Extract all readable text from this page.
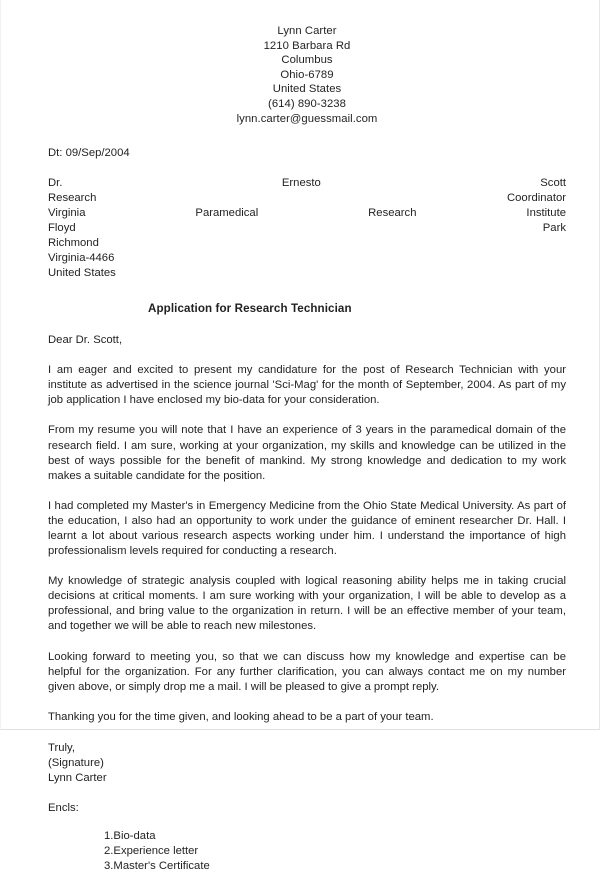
Lynn Carter
1210 Barbara Rd
Columbus
Ohio-6789
United States
(614) 890-3238
lynn.carter@guessmail.com
Dt: 09/Sep/2004
Dr. Ernesto Scott
Research Coordinator
Virginia Paramedical Research Institute
Floyd Park
Richmond
Virginia-4466
United States
Application for Research Technician
Dear Dr. Scott,
I am eager and excited to present my candidature for the post of Research Technician with your institute as advertised in the science journal 'Sci-Mag' for the month of September, 2004. As part of my job application I have enclosed my bio-data for your consideration.
From my resume you will note that I have an experience of 3 years in the paramedical domain of the research field. I am sure, working at your organization, my skills and knowledge can be utilized in the best of ways possible for the benefit of mankind. My strong knowledge and dedication to my work makes a suitable candidate for the position.
I had completed my Master's in Emergency Medicine from the Ohio State Medical University. As part of the education, I also had an opportunity to work under the guidance of eminent researcher Dr. Hall. I learnt a lot about various research aspects working under him. I understand the importance of high professionalism levels required for conducting a research.
My knowledge of strategic analysis coupled with logical reasoning ability helps me in taking crucial decisions at critical moments. I am sure working with your organization, I will be able to develop as a professional, and bring value to the organization in return. I will be an effective member of your team, and together we will be able to reach new milestones.
Looking forward to meeting you, so that we can discuss how my knowledge and expertise can be helpful for the organization. For any further clarification, you can always contact me on my number given above, or simply drop me a mail. I will be pleased to give a prompt reply.
Thanking you for the time given, and looking ahead to be a part of your team.
Truly,
(Signature)
Lynn Carter
Encls:
1.Bio-data
2.Experience letter
3.Master's Certificate
